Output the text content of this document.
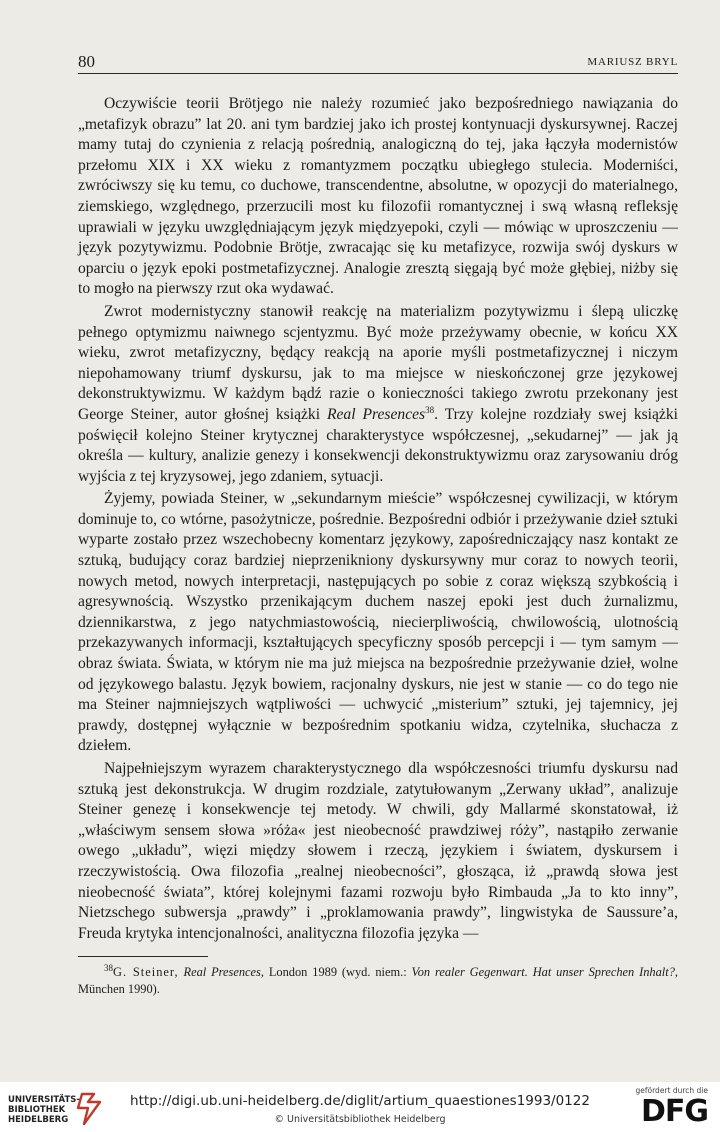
80	MARIUSZ BRYL

Oczywiście teorii Brötjego nie należy rozumieć jako bezpośredniego nawiązania do „metafizyk obrazu” lat 20. ani tym bardziej jako ich prostej kontynuacji dyskursywnej. Raczej mamy tutaj do czynienia z relacją pośrednią, analogiczną do tej, jaka łączyła modernistów przełomu XIX i XX wieku z romantyzmem początku ubiegłego stulecia. Moderniści, zwróciwszy się ku temu, co duchowe, transcendentne, absolutne, w opozycji do materialnego, ziemskiego, względnego, przerzucili most ku filozofii romantycznej i swą własną refleksję uprawiali w języku uwzględniającym język międzyepoki, czyli — mówiąc w uproszczeniu — język pozytywizmu. Podobnie Brötje, zwracając się ku metafizyce, rozwija swój dyskurs w oparciu o język epoki postmetafizycznej. Analogie zresztą sięgają być może głębiej, niżby się to mogło na pierwszy rzut oka wydawać.

Zwrot modernistyczny stanowił reakcję na materializm pozytywizmu i ślepą uliczkę pełnego optymizmu naiwnego scjentyzmu. Być może przeżywamy obecnie, w końcu XX wieku, zwrot metafizyczny, będący reakcją na aporie myśli postmetafizycznej i niczym niepohamowany triumf dyskursu, jak to ma miejsce w nieskończonej grze językowej dekonstruktywizmu. W każdym bądź razie o konieczności takiego zwrotu przekonany jest George Steiner, autor głośnej książki Real Presences$^{38}$. Trzy kolejne rozdziały swej książki poświęcił kolejno Steiner krytycznej charakterystyce współczesnej, „sekudarnej” — jak ją określa — kultury, analizie genezy i konsekwencji dekonstruktywizmu oraz zarysowaniu dróg wyjścia z tej kryzysowej, jego zdaniem, sytuacji.

Żyjemy, powiada Steiner, w „sekundarnym mieście” współczesnej cywilizacji, w którym dominuje to, co wtórne, pasożytnicze, pośrednie. Bezpośredni odbiór i przeżywanie dzieł sztuki wyparte zostało przez wszechobecny komentarz językowy, zapośredniczający nasz kontakt ze sztuką, budujący coraz bardziej nieprzenikniony dyskursywny mur coraz to nowych teorii, nowych metod, nowych interpretacji, następujących po sobie z coraz większą szybkością i agresywnością. Wszystko przenikającym duchem naszej epoki jest duch żurnalizmu, dziennikarstwa, z jego natychmiastowością, niecierpliwością, chwilowością, ulotnością przekazywanych informacji, kształtujących specyficzny sposób percepcji i — tym samym — obraz świata. Świata, w którym nie ma już miejsca na bezpośrednie przeżywanie dzieł, wolne od językowego balastu. Język bowiem, racjonalny dyskurs, nie jest w stanie — co do tego nie ma Steiner najmniejszych wątpliwości — uchwycić „misterium” sztuki, jej tajemnicy, jej prawdy, dostępnej wyłącznie w bezpośrednim spotkaniu widza, czytelnika, słuchacza z dziełem.

Najpełniejszym wyrazem charakterystycznego dla współczesności triumfu dyskursu nad sztuką jest dekonstrukcja. W drugim rozdziale, zatytułowanym „Zerwany układ”, analizuje Steiner genezę i konsekwencje tej metody. W chwili, gdy Mallarmé skonstatował, iż „właściwym sensem słowa »róża« jest nieobecność prawdziwej róży”, nastąpiło zerwanie owego „układu”, więzi między słowem i rzeczą, językiem i światem, dyskursem i rzeczywistością. Owa filozofia „realnej nieobecności”, głosząca, iż „prawdą słowa jest nieobecność świata”, której kolejnymi fazami rozwoju było Rimbauda „Ja to kto inny”, Nietzschego subwersja „prawdy” i „proklamowania prawdy”, lingwistyka de Saussure’a, Freuda krytyka intencjonalności, analityczna filozofia języka —

$^{38}$G. Steiner, Real Presences, London 1989 (wyd. niem.: Von realer Gegenwart. Hat unser Sprechen Inhalt?, München 1990).

UNIVERSITÄTS-
BIBLIOTHEK
HEIDELBERG
http://digi.ub.uni-heidelberg.de/diglit/artium_quaestiones1993/0122
© Universitätsbibliothek Heidelberg
gefördert durch die
DFG
